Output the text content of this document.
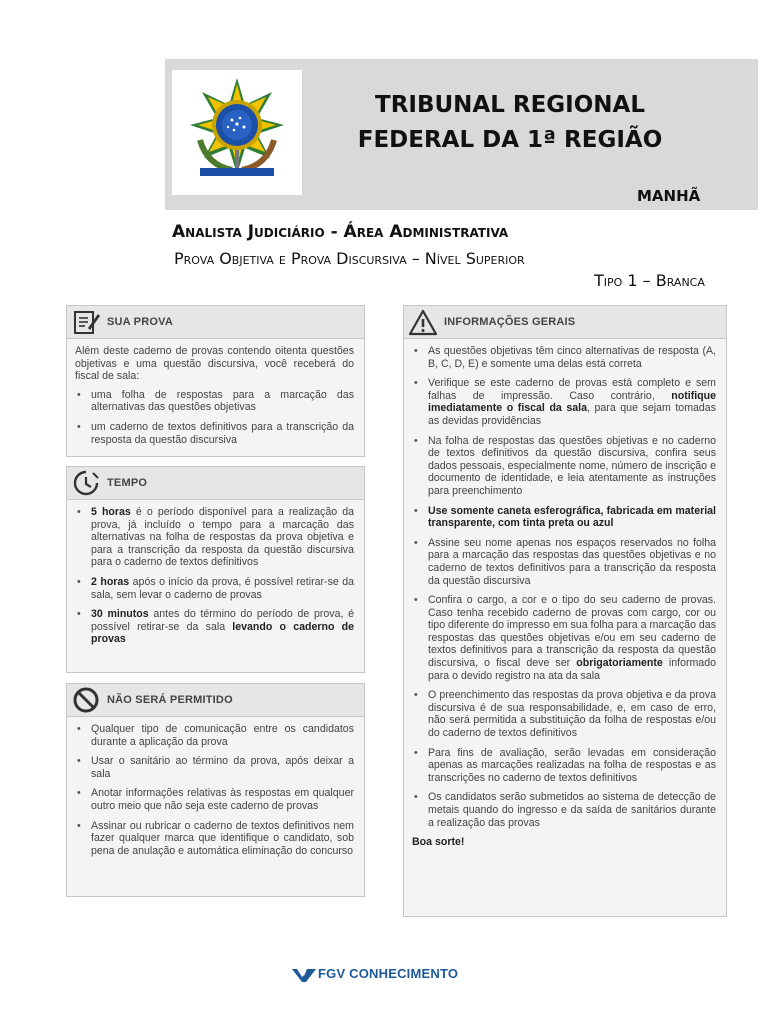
TRIBUNAL REGIONAL
FEDERAL DA 1ª REGIÃO
MANHÃ
Analista Judiciário - Área Administrativa
Prova Objetiva e Prova Discursiva – Nível Superior
Tipo 1 – Branca
SUA PROVA

Além deste caderno de provas contendo oitenta questões objetivas e uma questão discursiva, você receberá do fiscal de sala:

• uma folha de respostas para a marcação das alternativas das questões objetivas
• um caderno de textos definitivos para a transcrição da resposta da questão discursiva
TEMPO
• 5 horas é o período disponível para a realização da prova, já incluído o tempo para a marcação das alternativas na folha de respostas da prova objetiva e para a transcrição da resposta da questão discursiva para o caderno de textos definitivos
• 2 horas após o início da prova, é possível retirar-se da sala, sem levar o caderno de provas
• 30 minutos antes do término do período de prova, é possível retirar-se da sala levando o caderno de provas
NÃO SERÁ PERMITIDO
• Qualquer tipo de comunicação entre os candidatos durante a aplicação da prova
• Usar o sanitário ao término da prova, após deixar a sala
• Anotar informações relativas às respostas em qualquer outro meio que não seja este caderno de provas
• Assinar ou rubricar o caderno de textos definitivos nem fazer qualquer marca que identifique o candidato, sob pena de anulação e automática eliminação do concurso
INFORMAÇÕES GERAIS
• As questões objetivas têm cinco alternativas de resposta (A, B, C, D, E) e somente uma delas está correta
• Verifique se este caderno de provas está completo e sem falhas de impressão. Caso contrário, notifique imediatamente o fiscal da sala, para que sejam tomadas as devidas providências
• Na folha de respostas das questões objetivas e no caderno de textos definitivos da questão discursiva, confira seus dados pessoais, especialmente nome, número de inscrição e documento de identidade, e leia atentamente as instruções para preenchimento
• Use somente caneta esferográfica, fabricada em material transparente, com tinta preta ou azul
• Assine seu nome apenas nos espaços reservados no folha para a marcação das respostas das questões objetivas e no caderno de textos definitivos para a transcrição da resposta da questão discursiva
• Confira o cargo, a cor e o tipo do seu caderno de provas. Caso tenha recebido caderno de provas com cargo, cor ou tipo diferente do impresso em sua folha para a marcação das respostas das questões objetivas e/ou em seu caderno de textos definitivos para a transcrição da resposta da questão discursiva, o fiscal deve ser obrigatoriamente informado para o devido registro na ata da sala
• O preenchimento das respostas da prova objetiva e da prova discursiva é de sua responsabilidade, e, em caso de erro, não será permitida a substituição da folha de respostas e/ou do caderno de textos definitivos
• Para fins de avaliação, serão levadas em consideração apenas as marcações realizadas na folha de respostas e as transcrições no caderno de textos definitivos
• Os candidatos serão submetidos ao sistema de detecção de metais quando do ingresso e da saída de sanitários durante a realização das provas
Boa sorte!
FGV CONHECIMENTO
